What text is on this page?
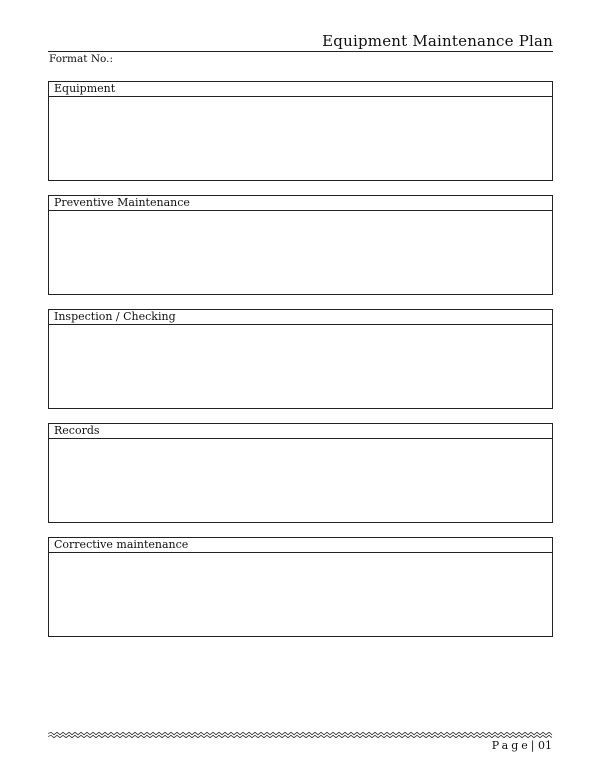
Equipment Maintenance Plan
Format No.:
Equipment
Preventive Maintenance
Inspection / Checking
Records
Corrective maintenance
Page| 01
